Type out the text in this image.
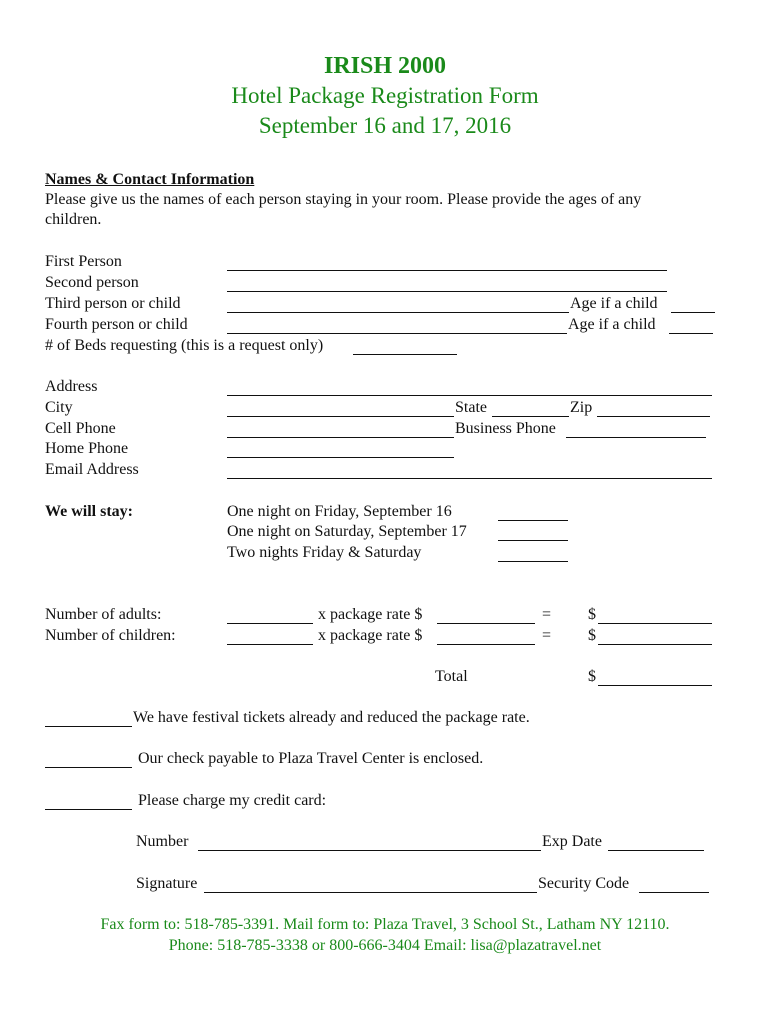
IRISH 2000
Hotel Package Registration Form
September 16 and 17, 2016
Names & Contact Information
Please give us the names of each person staying in your room. Please provide the ages of any
children.
First Person
Second person
Third person or child	Age if a child
Fourth person or child	Age if a child
# of Beds requesting (this is a request only)
Address
City	State	Zip
Cell Phone	Business Phone
Home Phone
Email Address
We will stay:	One night on Friday, September 16
One night on Saturday, September 17
Two nights Friday & Saturday
Number of adults:	x package rate $	= $
Number of children:	x package rate $	= $
Total	$
We have festival tickets already and reduced the package rate.
Our check payable to Plaza Travel Center is enclosed.
Please charge my credit card:
Number	Exp Date
Signature	Security Code
Fax form to: 518-785-3391. Mail form to: Plaza Travel, 3 School St., Latham NY 12110.
Phone: 518-785-3338 or 800-666-3404 Email: lisa@plazatravel.net
